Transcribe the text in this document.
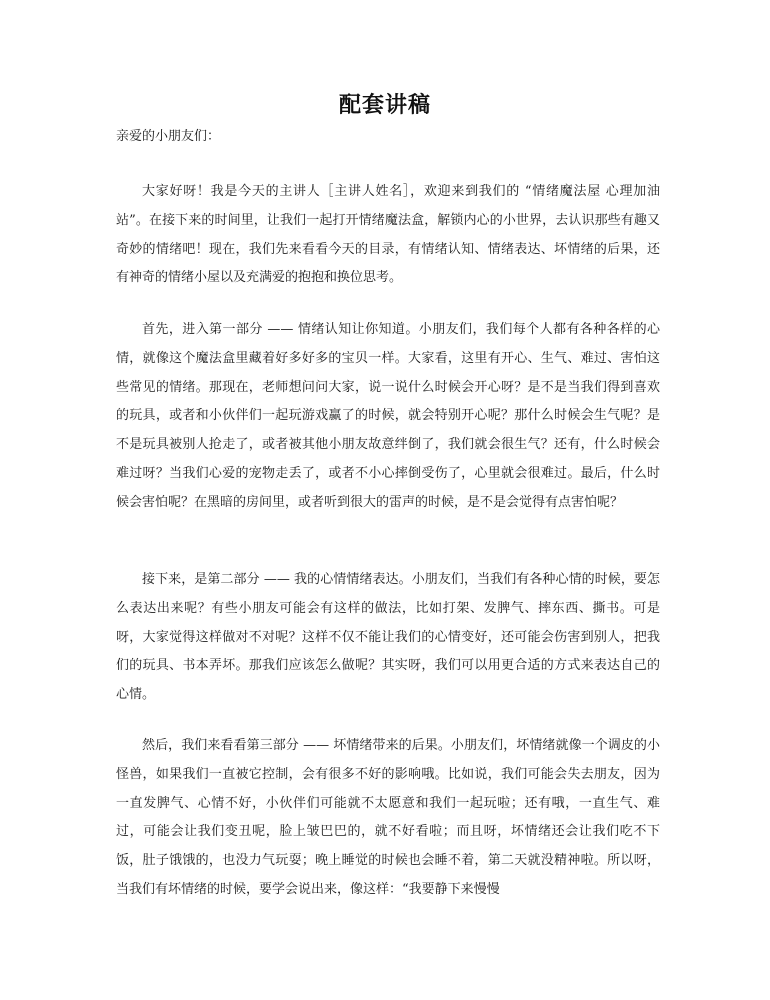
配套讲稿
亲爱的小朋友们：

大家好呀！我是今天的主讲人［主讲人姓名］，欢迎来到我们的 “情绪魔法屋 心理加油站”。在接下来的时间里，让我们一起打开情绪魔法盒，解锁内心的小世界，去认识那些有趣又奇妙的情绪吧！现在，我们先来看看今天的目录，有情绪认知、情绪表达、坏情绪的后果，还有神奇的情绪小屋以及充满爱的抱抱和换位思考。

首先，进入第一部分 —— 情绪认知让你知道。小朋友们，我们每个人都有各种各样的心情，就像这个魔法盒里藏着好多好多的宝贝一样。大家看，这里有开心、生气、难过、害怕这些常见的情绪。那现在，老师想问问大家，说一说什么时候会开心呀？是不是当我们得到喜欢的玩具，或者和小伙伴们一起玩游戏赢了的时候，就会特别开心呢？那什么时候会生气呢？是不是玩具被别人抢走了，或者被其他小朋友故意绊倒了，我们就会很生气？还有，什么时候会难过呀？当我们心爱的宠物走丢了，或者不小心摔倒受伤了，心里就会很难过。最后，什么时候会害怕呢？在黑暗的房间里，或者听到很大的雷声的时候，是不是会觉得有点害怕呢？

接下来，是第二部分 —— 我的心情情绪表达。小朋友们，当我们有各种心情的时候，要怎么表达出来呢？有些小朋友可能会有这样的做法，比如打架、发脾气、摔东西、撕书。可是呀，大家觉得这样做对不对呢？这样不仅不能让我们的心情变好，还可能会伤害到别人，把我们的玩具、书本弄坏。那我们应该怎么做呢？其实呀，我们可以用更合适的方式来表达自己的心情。

然后，我们来看看第三部分 —— 坏情绪带来的后果。小朋友们，坏情绪就像一个调皮的小怪兽，如果我们一直被它控制，会有很多不好的影响哦。比如说，我们可能会失去朋友，因为一直发脾气、心情不好，小伙伴们可能就不太愿意和我们一起玩啦；还有哦，一直生气、难过，可能会让我们变丑呢，脸上皱巴巴的，就不好看啦；而且呀，坏情绪还会让我们吃不下饭，肚子饿饿的，也没力气玩耍；晚上睡觉的时候也会睡不着，第二天就没精神啦。所以呀，当我们有坏情绪的时候，要学会说出来，像这样：“我要静下来慢慢
